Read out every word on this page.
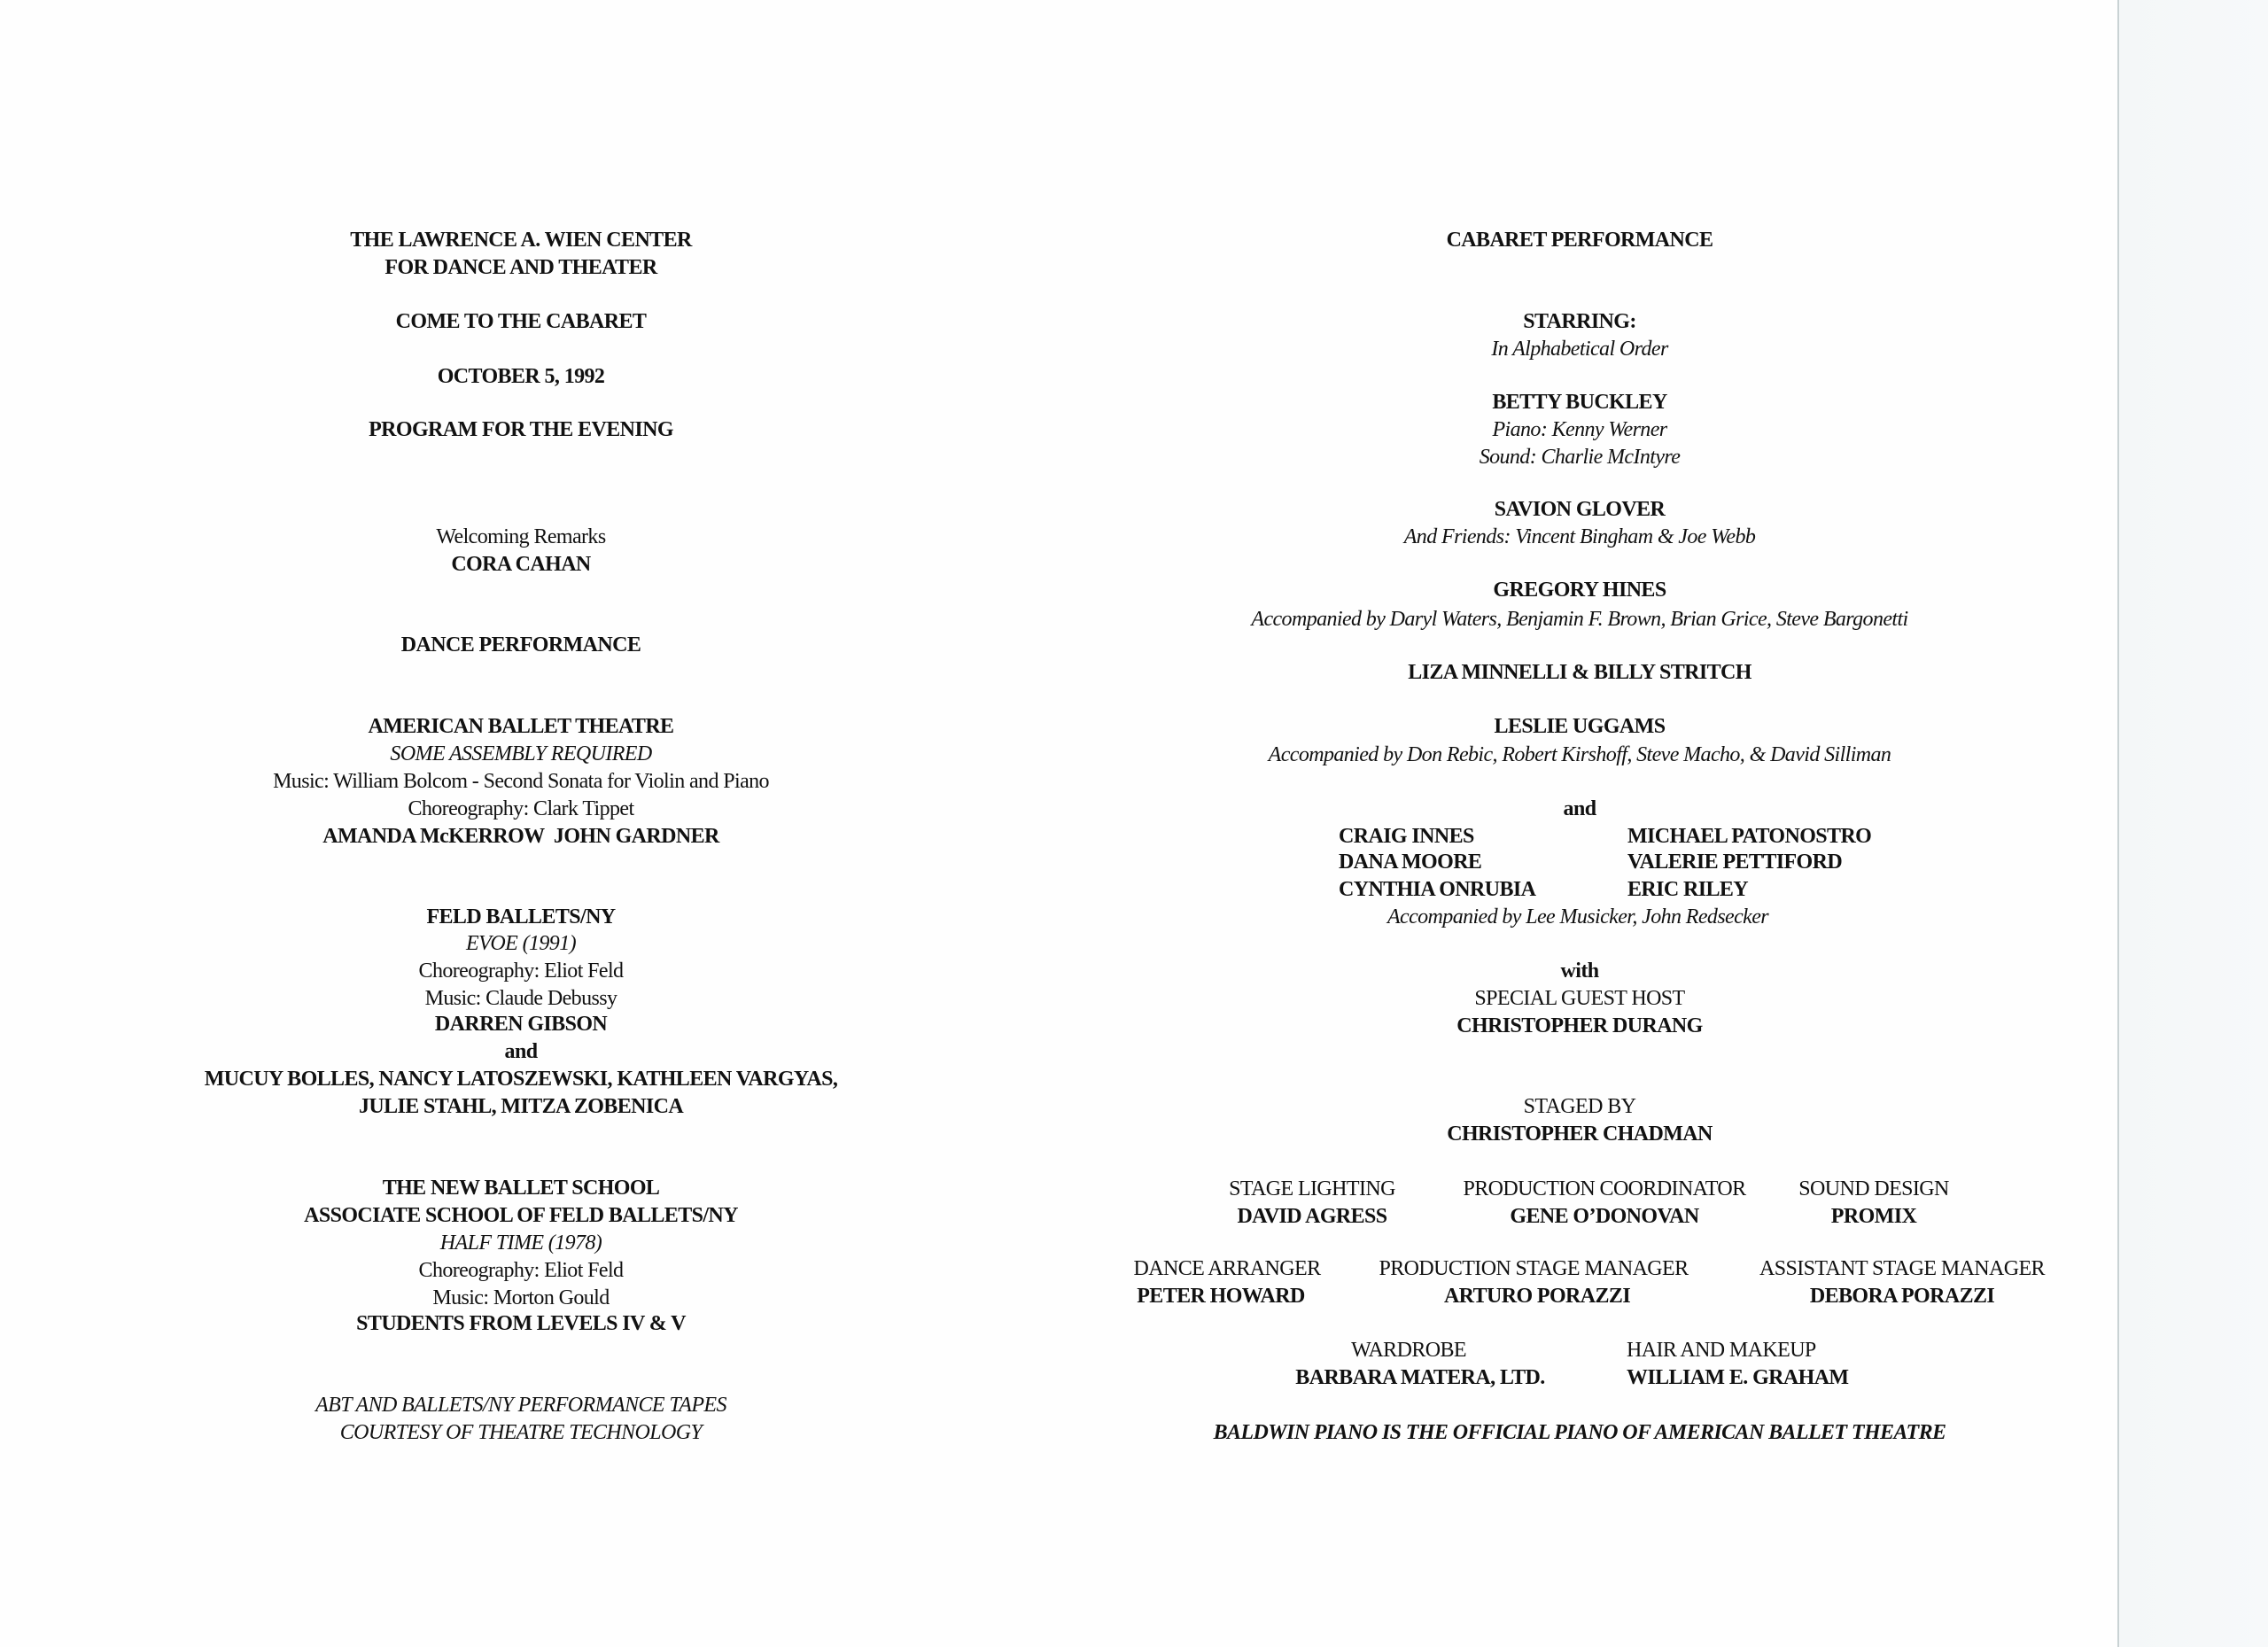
THE LAWRENCE A. WIEN CENTER
FOR DANCE AND THEATER
COME TO THE CABARET
OCTOBER 5, 1992
PROGRAM FOR THE EVENING
Welcoming Remarks
CORA CAHAN
DANCE PERFORMANCE
AMERICAN BALLET THEATRE
SOME ASSEMBLY REQUIRED
Music: William Bolcom - Second Sonata for Violin and Piano
Choreography: Clark Tippet
AMANDA McKERROW  JOHN GARDNER
FELD BALLETS/NY
EVOE (1991)
Choreography: Eliot Feld
Music: Claude Debussy
DARREN GIBSON
and
MUCUY BOLLES, NANCY LATOSZEWSKI, KATHLEEN VARGYAS,
JULIE STAHL, MITZA ZOBENICA
THE NEW BALLET SCHOOL
ASSOCIATE SCHOOL OF FELD BALLETS/NY
HALF TIME (1978)
Choreography: Eliot Feld
Music: Morton Gould
STUDENTS FROM LEVELS IV & V
ABT AND BALLETS/NY PERFORMANCE TAPES
COURTESY OF THEATRE TECHNOLOGY
CABARET PERFORMANCE
STARRING:
In Alphabetical Order
BETTY BUCKLEY
Piano: Kenny Werner
Sound: Charlie McIntyre
SAVION GLOVER
And Friends: Vincent Bingham & Joe Webb
GREGORY HINES
Accompanied by Daryl Waters, Benjamin F. Brown, Brian Grice, Steve Bargonetti
LIZA MINNELLI & BILLY STRITCH
LESLIE UGGAMS
Accompanied by Don Rebic, Robert Kirshoff, Steve Macho, & David Silliman
and
CRAIG INNES
DANA MOORE
CYNTHIA ONRUBIA
MICHAEL PATONOSTRO
VALERIE PETTIFORD
ERIC RILEY
Accompanied by Lee Musicker, John Redsecker
with
SPECIAL GUEST HOST
CHRISTOPHER DURANG
STAGED BY
CHRISTOPHER CHADMAN
STAGE LIGHTING
DAVID AGRESS
PRODUCTION COORDINATOR
GENE O’DONOVAN
SOUND DESIGN
PROMIX
DANCE ARRANGER
PETER HOWARD
PRODUCTION STAGE MANAGER
ARTURO PORAZZI
ASSISTANT STAGE MANAGER
DEBORA PORAZZI
WARDROBE
BARBARA MATERA, LTD.
HAIR AND MAKEUP
WILLIAM E. GRAHAM
BALDWIN PIANO IS THE OFFICIAL PIANO OF AMERICAN BALLET THEATRE
